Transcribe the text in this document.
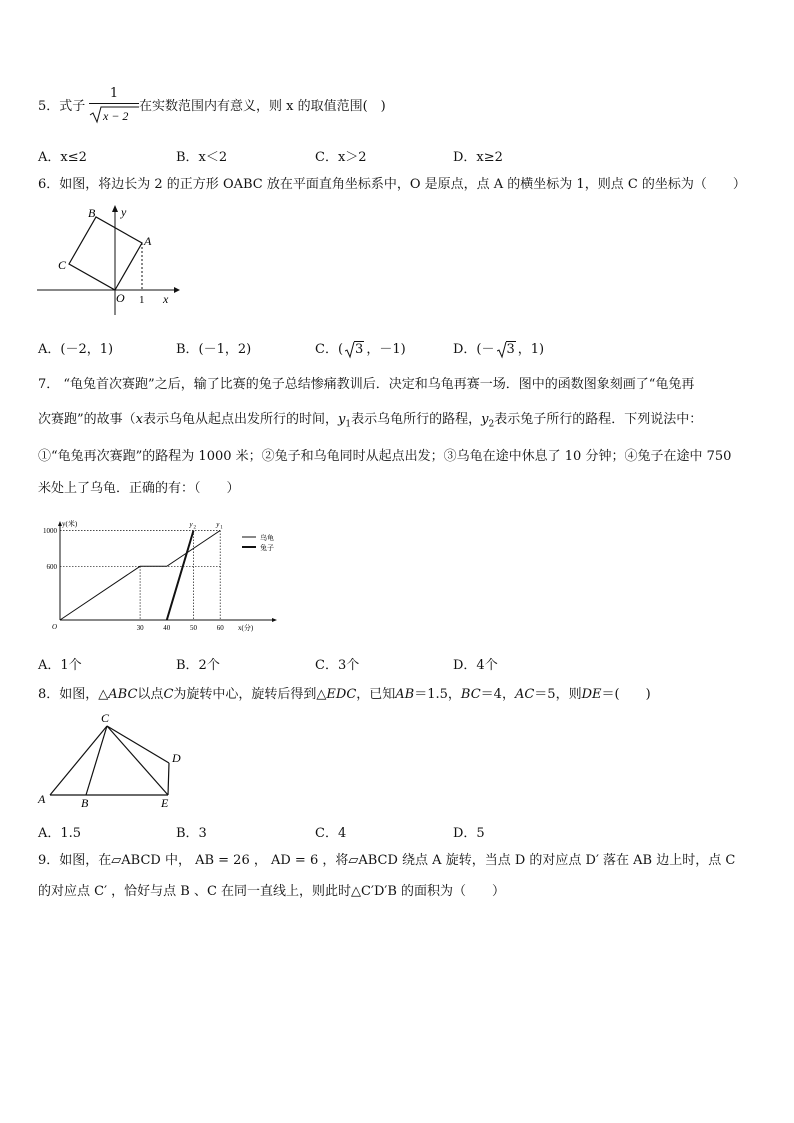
5．式子
1
x − 2
在实数范围内有意义，则 x 的取值范围(　)
A．x≤2	B．x＜2	C．x＞2	D．x≥2
6．如图，将边长为 2 的正方形 OABC 放在平面直角坐标系中，O 是原点，点 A 的横坐标为 1，则点 C 的坐标为（　　）
B y
A
C
O 1 x
A．(－2，1)	B．(－1，2)	C．( 3 ，－1)	D．(－ 3 ，1)
7． “龟兔首次赛跑”之后，输了比赛的兔子总结惨痛教训后．决定和乌龟再赛一场．图中的函数图象刻画了“龟兔再
次赛跑”的故事（x表示乌龟从起点出发所行的时间，$y_1$表示乌龟所行的路程，$y_2$表示兔子所行的路程．下列说法中：
①“龟兔再次赛跑”的路程为 1000 米；②兔子和乌龟同时从起点出发；③乌龟在途中休息了 10 分钟；④兔子在途中 750
米处上了乌龟．正确的有：（　　）
y(米)
x(分)
O
600
1000
30	40	50	60
y 2	y 1
乌龟
兔子
A．1个	B．2个	C．3个	D．4个
8．如图，△ABC以点C为旋转中心，旋转后得到△EDC，已知AB＝1.5，BC＝4，AC＝5，则DE＝(　　)
C
D
A	B	E
A．1.5	B．3	C．4	D．5
9．如图，在▱ABCD 中， AB = 26 ， AD = 6 ，将▱ABCD 绕点 A 旋转，当点 D 的对应点 D′ 落在 AB 边上时，点 C
的对应点 C′ ，恰好与点 B 、C 在同一直线上，则此时△C′D′B 的面积为（　　）
